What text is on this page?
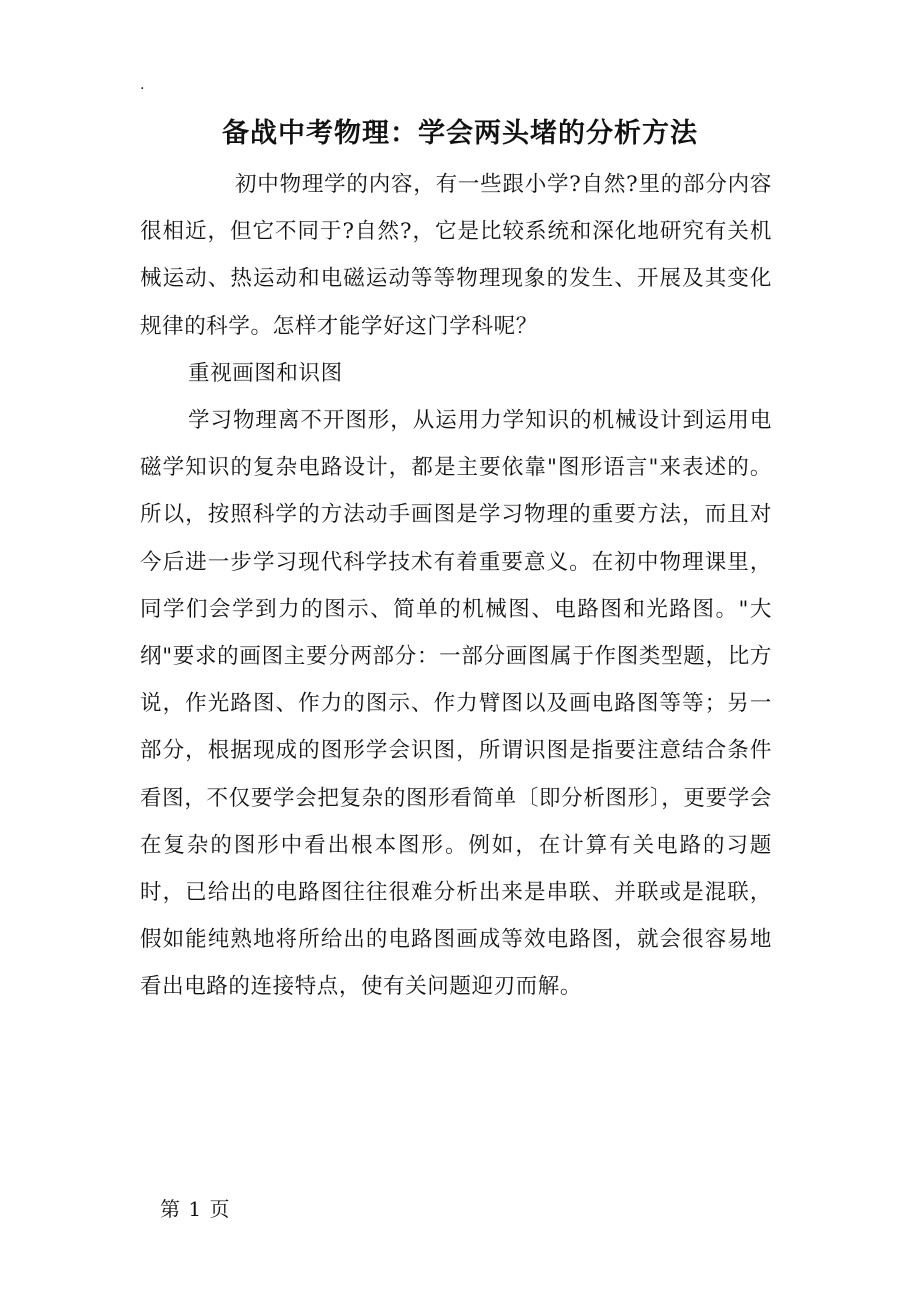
.
备战中考物理：学会两头堵的分析方法

初中物理学的内容，有一些跟小学?自然?里的部分内容很相近，但它不同于?自然?，它是比较系统和深化地研究有关机械运动、热运动和电磁运动等等物理现象的发生、开展及其变化规律的科学。怎样才能学好这门学科呢？

重视画图和识图

学习物理离不开图形，从运用力学知识的机械设计到运用电磁学知识的复杂电路设计，都是主要依靠"图形语言"来表述的。所以，按照科学的方法动手画图是学习物理的重要方法，而且对今后进一步学习现代科学技术有着重要意义。在初中物理课里，同学们会学到力的图示、简单的机械图、电路图和光路图。"大纲"要求的画图主要分两部分：一部分画图属于作图类型题，比方说，作光路图、作力的图示、作力臂图以及画电路图等等；另一部分，根据现成的图形学会识图，所谓识图是指要注意结合条件看图，不仅要学会把复杂的图形看简单〔即分析图形〕，更要学会在复杂的图形中看出根本图形。例如，在计算有关电路的习题时，已给出的电路图往往很难分析出来是串联、并联或是混联，假如能纯熟地将所给出的电路图画成等效电路图，就会很容易地看出电路的连接特点，使有关问题迎刃而解。

第 1 页
